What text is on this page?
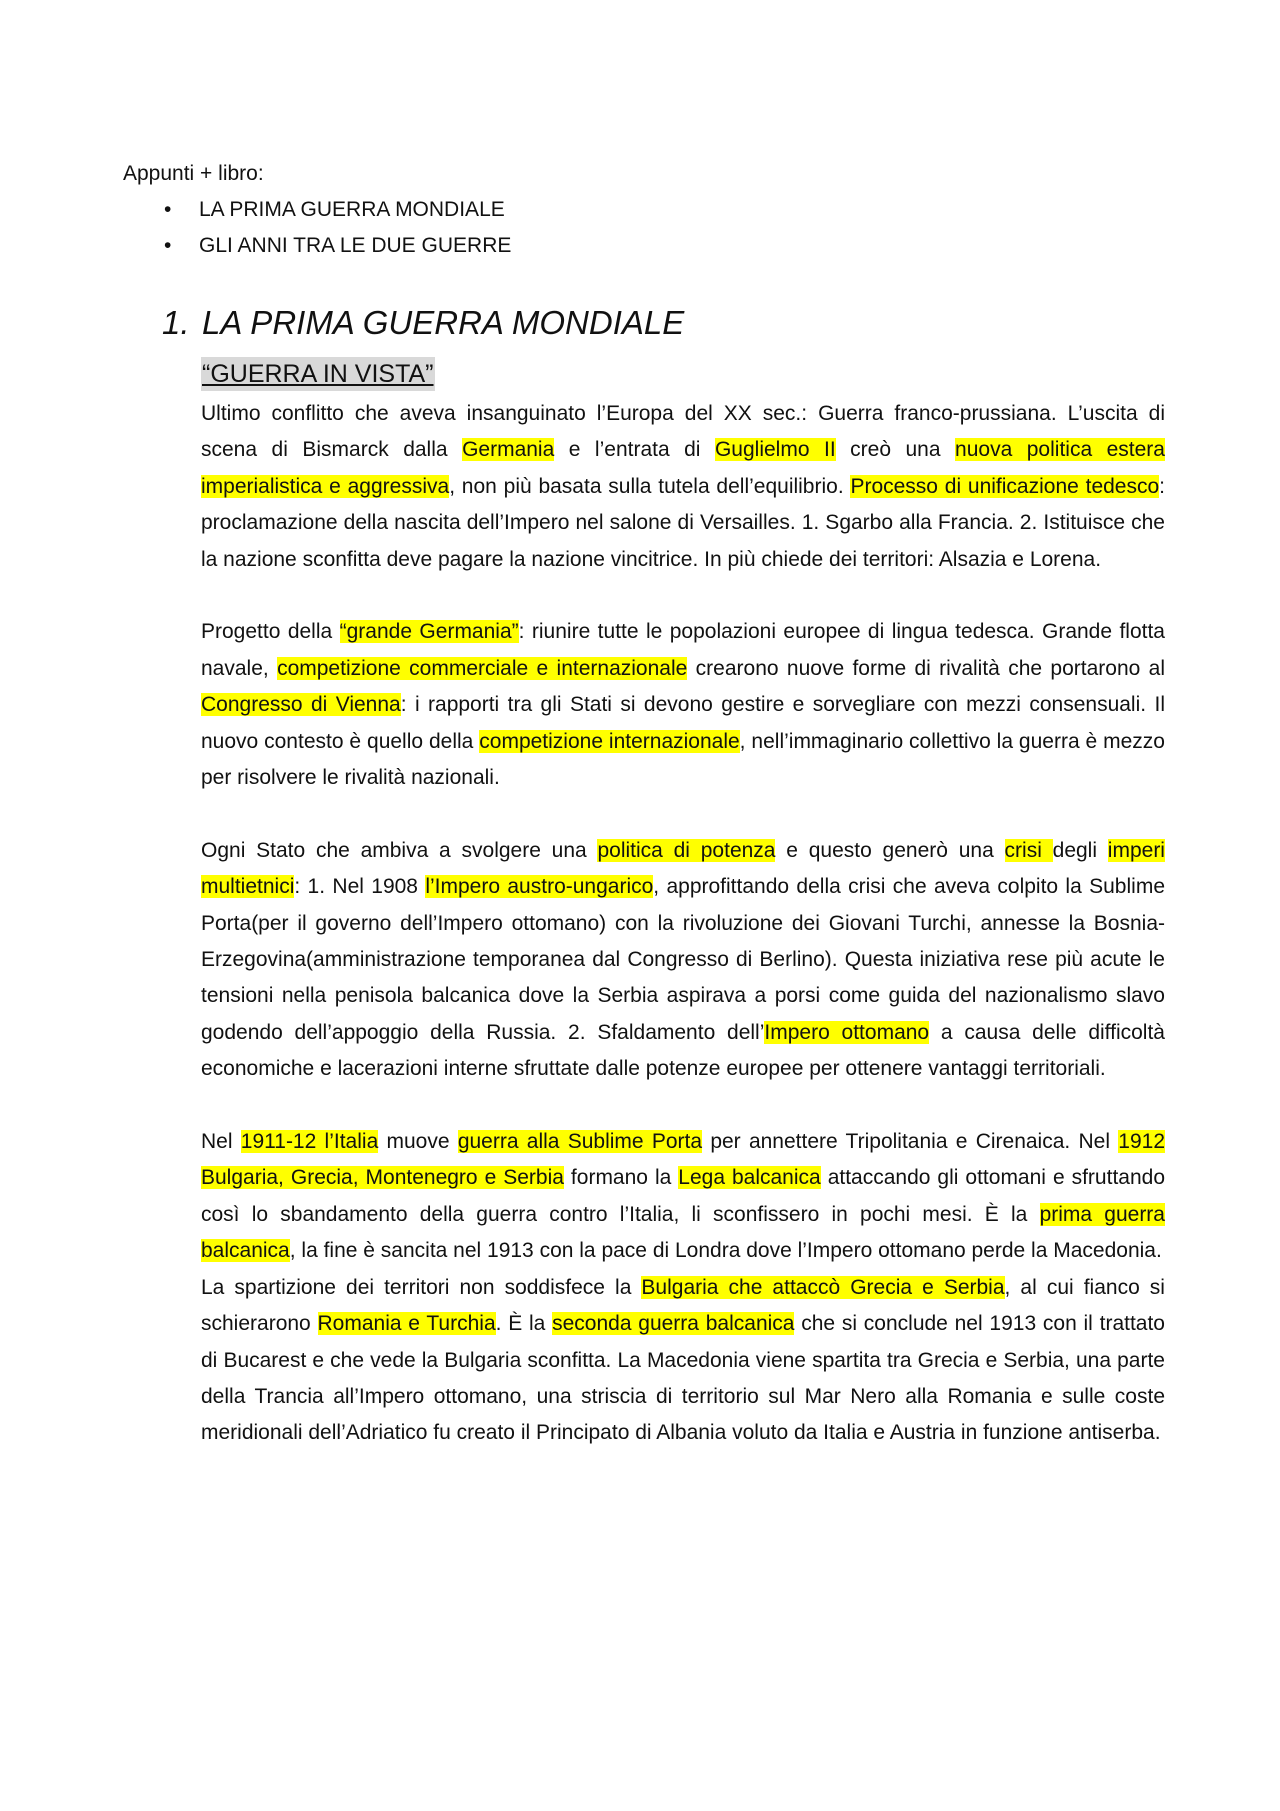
Appunti + libro:
• LA PRIMA GUERRA MONDIALE
• GLI ANNI TRA LE DUE GUERRE
1. LA PRIMA GUERRA MONDIALE
“GUERRA IN VISTA”

Ultimo conflitto che aveva insanguinato l’Europa del XX sec.: Guerra franco-prussiana. L’uscita di scena di Bismarck dalla Germania e l’entrata di Guglielmo II creò una nuova politica estera imperialistica e aggressiva, non più basata sulla tutela dell’equilibrio. Processo di unificazione tedesco: proclamazione della nascita dell’Impero nel salone di Versailles. 1. Sgarbo alla Francia. 2. Istituisce che la nazione sconfitta deve pagare la nazione vincitrice. In più chiede dei territori: Alsazia e Lorena.

Progetto della “grande Germania”: riunire tutte le popolazioni europee di lingua tedesca. Grande flotta navale, competizione commerciale e internazionale crearono nuove forme di rivalità che portarono al Congresso di Vienna: i rapporti tra gli Stati si devono gestire e sorvegliare con mezzi consensuali. Il nuovo contesto è quello della competizione internazionale, nell’immaginario collettivo la guerra è mezzo per risolvere le rivalità nazionali.

Ogni Stato che ambiva a svolgere una politica di potenza e questo generò una crisi degli imperi multietnici: 1. Nel 1908 l’Impero austro-ungarico, approfittando della crisi che aveva colpito la Sublime Porta(per il governo dell’Impero ottomano) con la rivoluzione dei Giovani Turchi, annesse la Bosnia-Erzegovina(amministrazione temporanea dal Congresso di Berlino). Questa iniziativa rese più acute le tensioni nella penisola balcanica dove la Serbia aspirava a porsi come guida del nazionalismo slavo godendo dell’appoggio della Russia. 2. Sfaldamento dell’Impero ottomano a causa delle difficoltà economiche e lacerazioni interne sfruttate dalle potenze europee per ottenere vantaggi territoriali.

Nel 1911-12 l’Italia muove guerra alla Sublime Porta per annettere Tripolitania e Cirenaica. Nel 1912 Bulgaria, Grecia, Montenegro e Serbia formano la Lega balcanica attaccando gli ottomani e sfruttando così lo sbandamento della guerra contro l’Italia, li sconfissero in pochi mesi. È la prima guerra balcanica, la fine è sancita nel 1913 con la pace di Londra dove l’Impero ottomano perde la Macedonia.

La spartizione dei territori non soddisfece la Bulgaria che attaccò Grecia e Serbia, al cui fianco si schierarono Romania e Turchia. È la seconda guerra balcanica che si conclude nel 1913 con il trattato di Bucarest e che vede la Bulgaria sconfitta. La Macedonia viene spartita tra Grecia e Serbia, una parte della Trancia all’Impero ottomano, una striscia di territorio sul Mar Nero alla Romania e sulle coste meridionali dell’Adriatico fu creato il Principato di Albania voluto da Italia e Austria in funzione antiserba.
